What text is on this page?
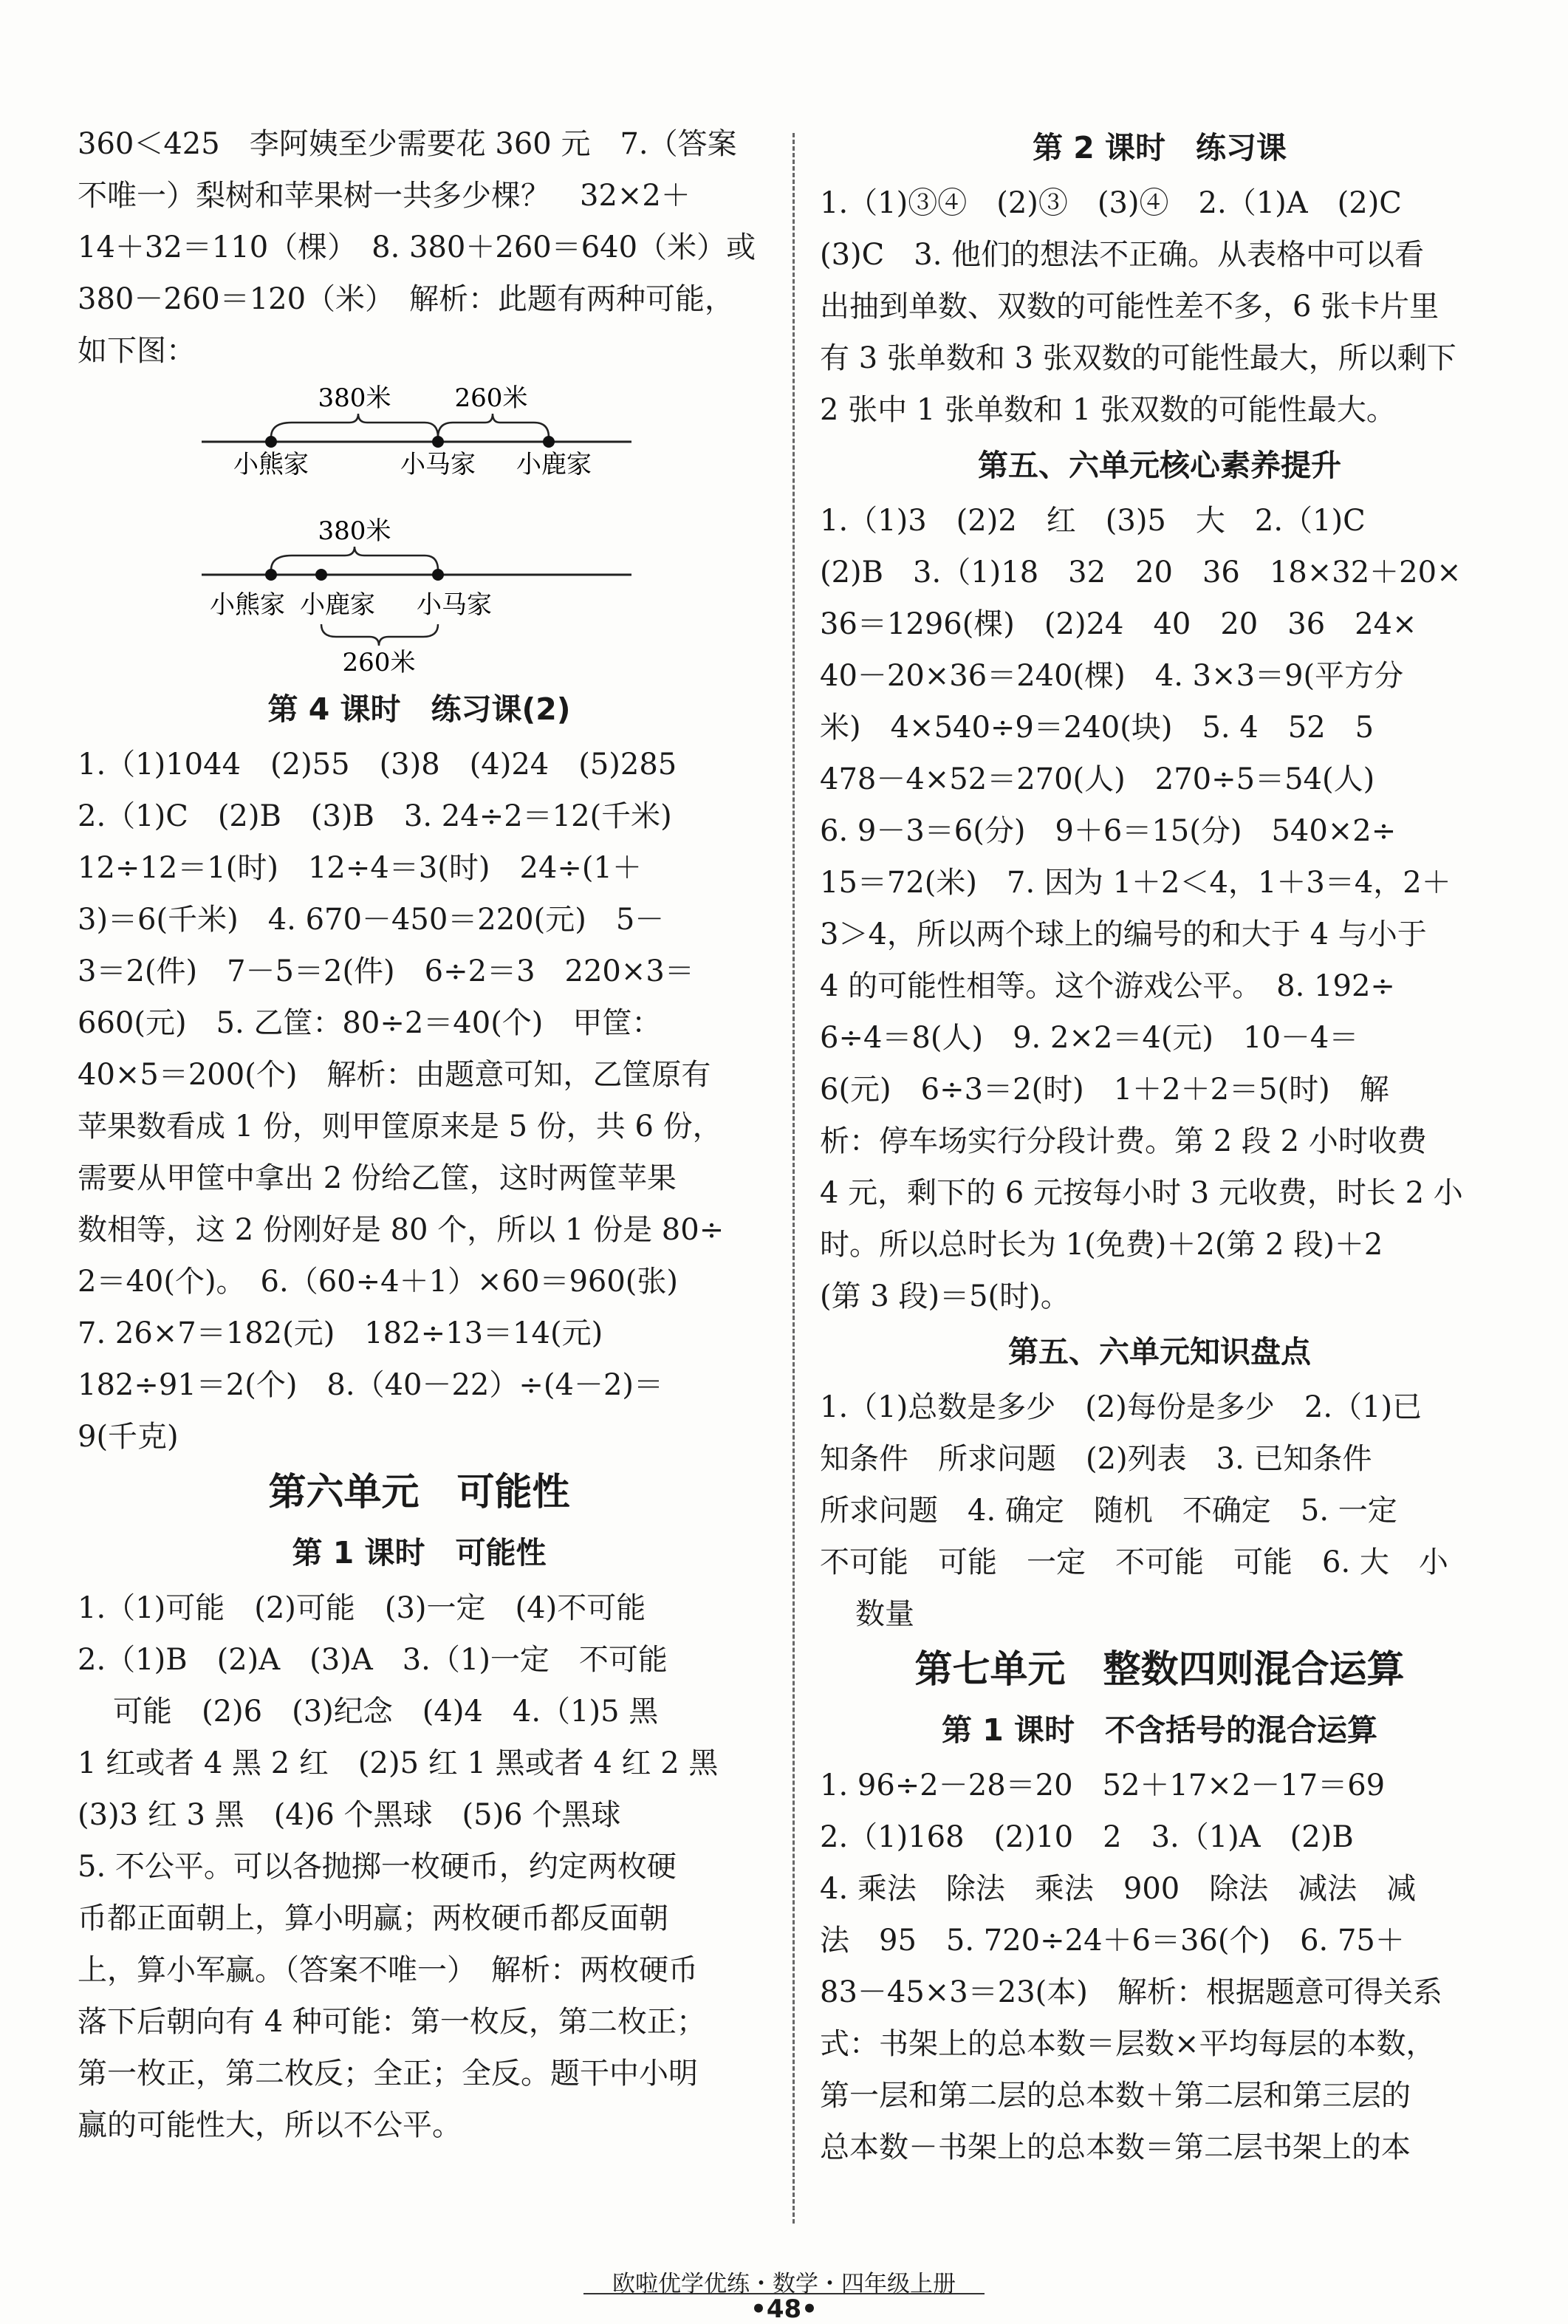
360＜425　李阿姨至少需要花 360 元　7.（答案
不唯一）梨树和苹果树一共多少棵？　32×2＋
14＋32＝110（棵）　8. 380＋260＝640（米）或
380－260＝120（米）　解析：此题有两种可能，
如下图：
380米	260米
小熊家	小马家 小鹿家
380米
小熊家 小鹿家 小马家
260米
第 4 课时　练习课(2)
1.（1)1044　(2)55　(3)8　(4)24　(5)285
2.（1)C　(2)B　(3)B　3. 24÷2＝12(千米)
12÷12＝1(时)　12÷4＝3(时)　24÷(1＋
3)＝6(千米)　4. 670－450＝220(元)　5－
3＝2(件)　7－5＝2(件)　6÷2＝3　220×3＝
660(元)　5. 乙筐：80÷2＝40(个)　甲筐：
40×5＝200(个)　解析：由题意可知，乙筐原有
苹果数看成 1 份，则甲筐原来是 5 份，共 6 份，
需要从甲筐中拿出 2 份给乙筐，这时两筐苹果
数相等，这 2 份刚好是 80 个，所以 1 份是 80÷
2＝40(个)。　6.（60÷4＋1）×60＝960(张)
7. 26×7＝182(元)　182÷13＝14(元)
182÷91＝2(个)　8.（40－22）÷(4－2)＝
9(千克)
第六单元　可能性
第 1 课时　可能性
1.（1)可能　(2)可能　(3)一定　(4)不可能
2.（1)B　(2)A　(3)A　3.（1)一定　不可能
可能　(2)6　(3)纪念　(4)4　4.（1)5 黑
1 红或者 4 黑 2 红　(2)5 红 1 黑或者 4 红 2 黑
(3)3 红 3 黑　(4)6 个黑球　(5)6 个黑球
5. 不公平。可以各抛掷一枚硬币，约定两枚硬
币都正面朝上，算小明赢；两枚硬币都反面朝
上，算小军赢。（答案不唯一）　解析：两枚硬币
落下后朝向有 4 种可能：第一枚反，第二枚正；
第一枚正，第二枚反；全正；全反。题干中小明
赢的可能性大，所以不公平。
第 2 课时　练习课
1.（1)③④　(2)③　(3)④　2.（1)A　(2)C
(3)C　3. 他们的想法不正确。从表格中可以看
出抽到单数、双数的可能性差不多，6 张卡片里
有 3 张单数和 3 张双数的可能性最大，所以剩下
2 张中 1 张单数和 1 张双数的可能性最大。
第五、六单元核心素养提升
1.（1)3　(2)2　红　(3)5　大　2.（1)C
(2)B　3.（1)18　32　20　36　18×32＋20×
36＝1296(棵)　(2)24　40　20　36　24×
40－20×36＝240(棵)　4. 3×3＝9(平方分
米)　4×540÷9＝240(块)　5. 4　52　5
478－4×52＝270(人)　270÷5＝54(人)
6. 9－3＝6(分)　9＋6＝15(分)　540×2÷
15＝72(米)　7. 因为 1＋2＜4，1＋3＝4，2＋
3＞4，所以两个球上的编号的和大于 4 与小于
4 的可能性相等。这个游戏公平。　8. 192÷
6÷4＝8(人)　9. 2×2＝4(元)　10－4＝
6(元)　6÷3＝2(时)　1＋2＋2＝5(时)　解
析：停车场实行分段计费。第 2 段 2 小时收费
4 元，剩下的 6 元按每小时 3 元收费，时长 2 小
时。所以总时长为 1(免费)＋2(第 2 段)＋2
(第 3 段)＝5(时)。
第五、六单元知识盘点
1.（1)总数是多少　(2)每份是多少　2.（1)已
知条件　所求问题　(2)列表　3. 已知条件
所求问题　4. 确定　随机　不确定　5. 一定
不可能　可能　一定　不可能　可能　6. 大　小
数量
第七单元　整数四则混合运算
第 1 课时　不含括号的混合运算
1. 96÷2－28＝20　52＋17×2－17＝69
2.（1)168　(2)10　2　3.（1)A　(2)B
4. 乘法　除法　乘法　900　除法　减法　减
法　95　5. 720÷24＋6＝36(个)　6. 75＋
83－45×3＝23(本)　解析：根据题意可得关系
式：书架上的总本数＝层数×平均每层的本数，
第一层和第二层的总本数＋第二层和第三层的
总本数－书架上的总本数＝第二层书架上的本
欧啦优学优练・数学・四年级上册
•48•
